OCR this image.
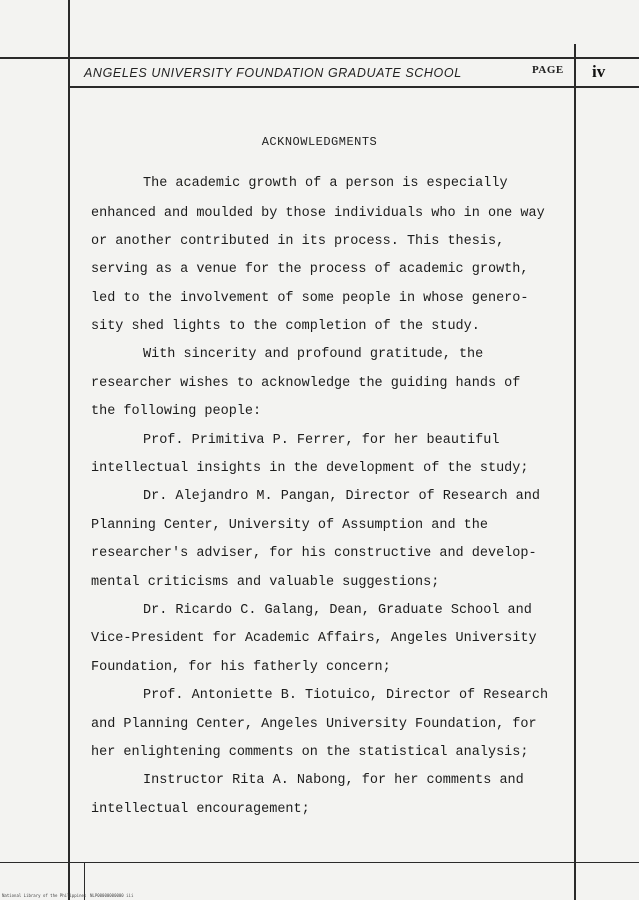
ANGELES UNIVERSITY FOUNDATION GRADUATE SCHOOL	PAGE iv
ACKNOWLEDGMENTS
The academic growth of a person is especially
enhanced and moulded by those individuals who in one way
or another contributed in its process. This thesis,
serving as a venue for the process of academic growth,
led to the involvement of some people in whose genero-
sity shed lights to the completion of the study.
With sincerity and profound gratitude, the
researcher wishes to acknowledge the guiding hands of
the following people:
Prof. Primitiva P. Ferrer, for her beautiful
intellectual insights in the development of the study;
Dr. Alejandro M. Pangan, Director of Research and
Planning Center, University of Assumption and the
researcher's adviser, for his constructive and develop-
mental criticisms and valuable suggestions;
Dr. Ricardo C. Galang, Dean, Graduate School and
Vice-President for Academic Affairs, Angeles University
Foundation, for his fatherly concern;
Prof. Antoniette B. Tiotuico, Director of Research
and Planning Center, Angeles University Foundation, for
her enlightening comments on the statistical analysis;
Instructor Rita A. Nabong, for her comments and
intellectual encouragement;
National Library of the Philippines NLP00000000000 iii
